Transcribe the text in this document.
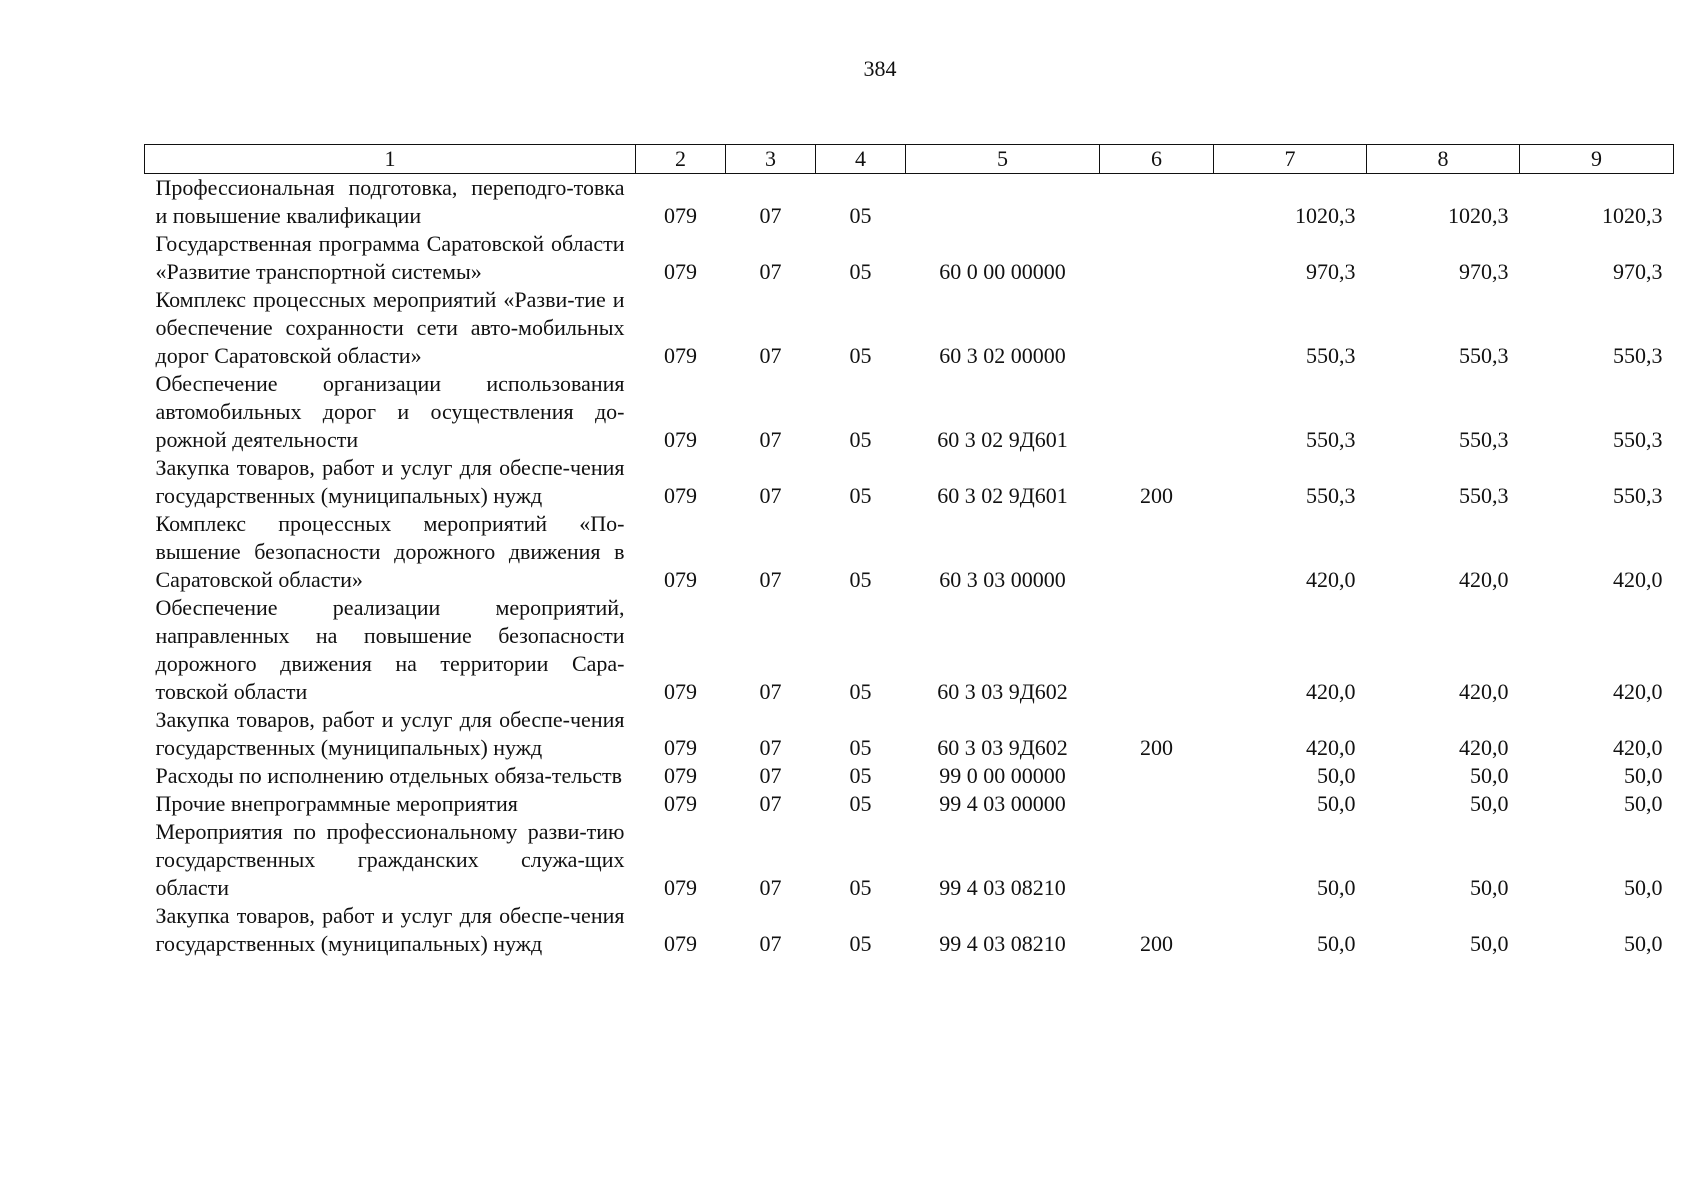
384
1	2	3	4	5	6	7	8	9
Профессиональная подготовка, переподго-товка и повышение квалификации	079	07	05			1020,3	1020,3	1020,3
Государственная программа Саратовской области «Развитие транспортной системы»	079	07	05	60 0 00 00000		970,3	970,3	970,3
Комплекс процессных мероприятий «Разви-тие и обеспечение сохранности сети авто-мобильных дорог Саратовской области»	079	07	05	60 3 02 00000		550,3	550,3	550,3
Обеспечение организации использования автомобильных дорог и осуществления до-рожной деятельности	079	07	05	60 3 02 9Д601		550,3	550,3	550,3
Закупка товаров, работ и услуг для обеспе-чения государственных (муниципальных) нужд	079	07	05	60 3 02 9Д601	200	550,3	550,3	550,3
Комплекс процессных мероприятий «По-вышение безопасности дорожного движения в Саратовской области»	079	07	05	60 3 03 00000		420,0	420,0	420,0
Обеспечение реализации мероприятий, направленных на повышение безопасности дорожного движения на территории Сара-товской области	079	07	05	60 3 03 9Д602		420,0	420,0	420,0
Закупка товаров, работ и услуг для обеспе-чения государственных (муниципальных) нужд	079	07	05	60 3 03 9Д602	200	420,0	420,0	420,0
Расходы по исполнению отдельных обяза-тельств	079	07	05	99 0 00 00000		50,0	50,0	50,0
Прочие внепрограммные мероприятия	079	07	05	99 4 03 00000		50,0	50,0	50,0
Мероприятия по профессиональному разви-тию государственных гражданских служа-щих области	079	07	05	99 4 03 08210		50,0	50,0	50,0
Закупка товаров, работ и услуг для обеспе-чения государственных (муниципальных) нужд	079	07	05	99 4 03 08210	200	50,0	50,0	50,0
